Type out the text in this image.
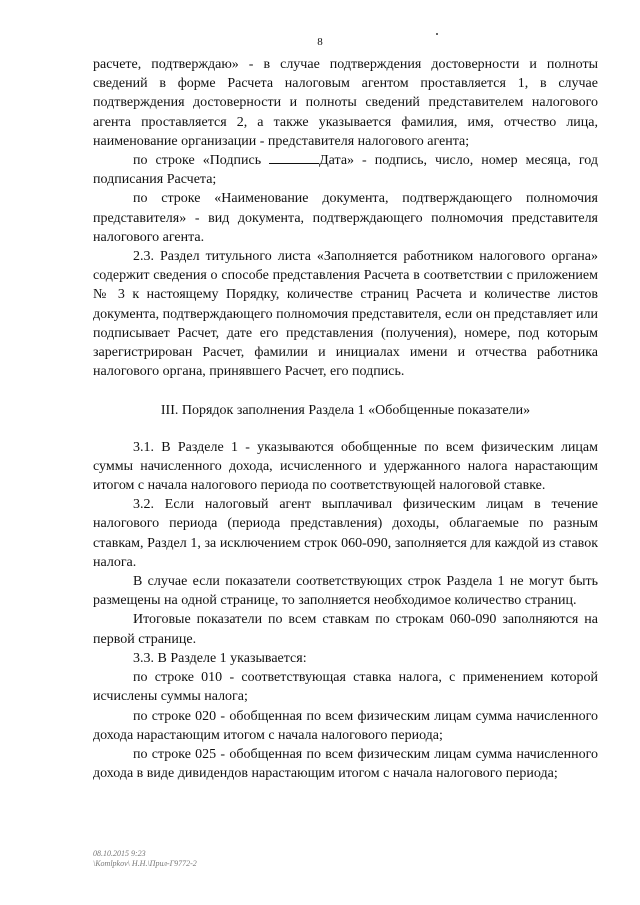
8

расчете, подтверждаю» - в случае подтверждения достоверности и полноты сведений в форме Расчета налоговым агентом проставляется 1, в случае подтверждения достоверности и полноты сведений представителем налогового агента проставляется 2, а также указывается фамилия, имя, отчество лица, наименование организации - представителя налогового агента;

по строке «Подпись	Дата» - подпись, число, номер месяца, год подписания Расчета;

по строке «Наименование документа, подтверждающего полномочия представителя» - вид документа, подтверждающего полномочия представителя налогового агента.

2.3. Раздел титульного листа «Заполняется работником налогового органа» содержит сведения о способе представления Расчета в соответствии с приложением № 3 к настоящему Порядку, количестве страниц Расчета и количестве листов документа, подтверждающего полномочия представителя, если он представляет или подписывает Расчет, дате его представления (получения), номере, под которым зарегистрирован Расчет, фамилии и инициалах имени и отчества работника налогового органа, принявшего Расчет, его подпись.

III. Порядок заполнения Раздела 1 «Обобщенные показатели»

3.1. В Разделе 1 - указываются обобщенные по всем физическим лицам суммы начисленного дохода, исчисленного и удержанного налога нарастающим итогом с начала налогового периода по соответствующей налоговой ставке.

3.2. Если налоговый агент выплачивал физическим лицам в течение налогового периода (периода представления) доходы, облагаемые по разным ставкам, Раздел 1, за исключением строк 060-090, заполняется для каждой из ставок налога.

В случае если показатели соответствующих строк Раздела 1 не могут быть размещены на одной странице, то заполняется необходимое количество страниц.

Итоговые показатели по всем ставкам по строкам 060-090 заполняются на первой странице.

3.3. В Разделе 1 указывается:

по строке 010 - соответствующая ставка налога, с применением которой исчислены суммы налога;

по строке 020 - обобщенная по всем физическим лицам сумма начисленного дохода нарастающим итогом с начала налогового периода;

по строке 025 - обобщенная по всем физическим лицам сумма начисленного дохода в виде дивидендов нарастающим итогом с начала налогового периода;

08.10.2015 9:23
\Komlpkov\ Н.Н.\Прил-Г9772-2
